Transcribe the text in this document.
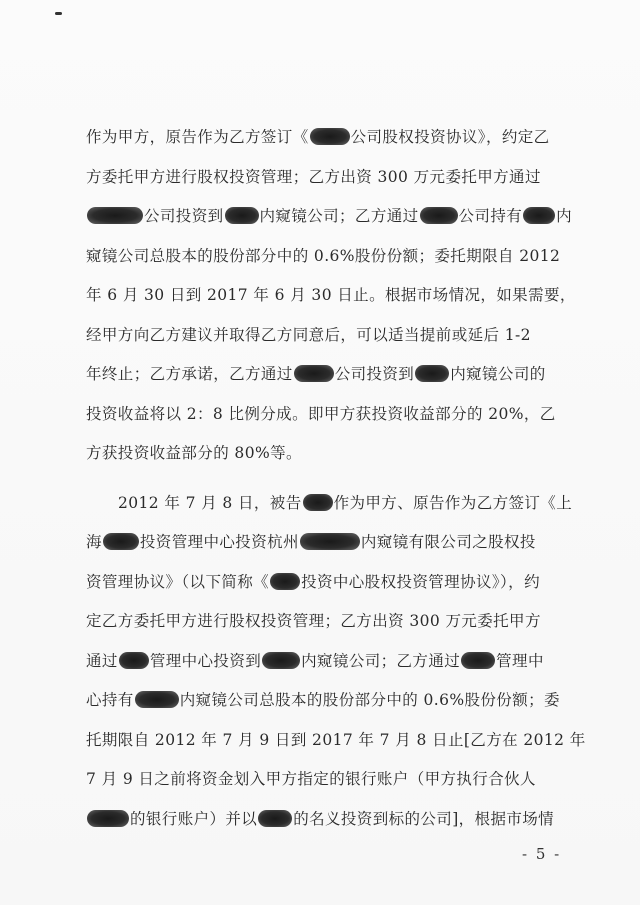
作为甲方，原告作为乙方签订《	公司股权投资协议》，约定乙
方委托甲方进行股权投资管理；乙方出资 300 万元委托甲方通过
公司投资到 内窥镜公司；乙方通过	公司持有 内
窥镜公司总股本的股份部分中的 0.6%股份份额；委托期限自 2012
年 6 月 30 日到 2017 年 6 月 30 日止。根据市场情况，如果需要，
经甲方向乙方建议并取得乙方同意后，可以适当提前或延后 1-2
年终止；乙方承诺，乙方通过	公司投资到 内窥镜公司的
投资收益将以 2：8 比例分成。即甲方获投资收益部分的 20%，乙
方获投资收益部分的 80%等。
2012 年 7 月 8 日，被告 作为甲方、原告作为乙方签订《上
海 投资管理中心投资杭州	内窥镜有限公司之股权投
资管理协议》（以下简称《 投资中心股权投资管理协议》），约
定乙方委托甲方进行股权投资管理；乙方出资 300 万元委托甲方
通过 管理中心投资到	内窥镜公司；乙方通过 管理中
心持有	内窥镜公司总股本的股份部分中的 0.6%股份份额；委
托期限自 2012 年 7 月 9 日到 2017 年 7 月 8 日止[乙方在 2012 年
7 月 9 日之前将资金划入甲方指定的银行账户（甲方执行合伙人
的银行账户）并以 的名义投资到标的公司]，根据市场情
- 5 -
